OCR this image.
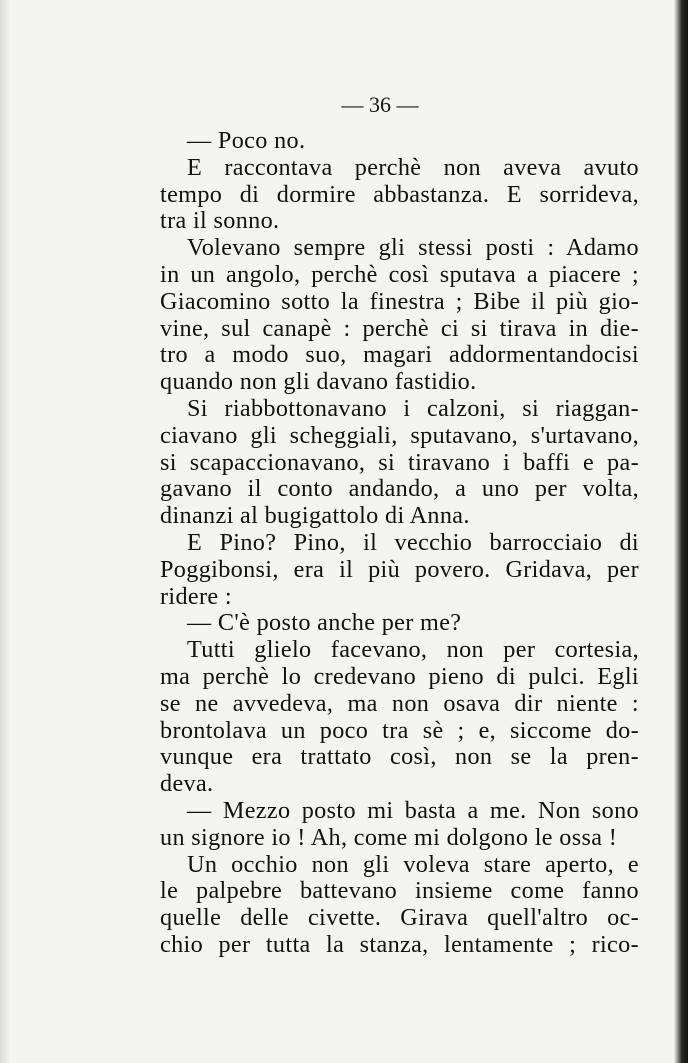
— 36 —
— Poco no.
E raccontava perchè non aveva avuto
tempo di dormire abbastanza. E sorrideva,
tra il sonno.
Volevano sempre gli stessi posti : Adamo
in un angolo, perchè così sputava a piacere ;
Giacomino sotto la finestra ; Bibe il più gio-
vine, sul canapè : perchè ci si tirava in die-
tro a modo suo, magari addormentandocisi
quando non gli davano fastidio.
Si riabbottonavano i calzoni, si riaggan-
ciavano gli scheggiali, sputavano, s'urtavano,
si scapaccionavano, si tiravano i baffi e pa-
gavano il conto andando, a uno per volta,
dinanzi al bugigattolo di Anna.
E Pino? Pino, il vecchio barrocciaio di
Poggibonsi, era il più povero. Gridava, per
ridere :
— C'è posto anche per me?
Tutti glielo facevano, non per cortesia,
ma perchè lo credevano pieno di pulci. Egli
se ne avvedeva, ma non osava dir niente :
brontolava un poco tra sè ; e, siccome do-
vunque era trattato così, non se la pren-
deva.
— Mezzo posto mi basta a me. Non sono
un signore io ! Ah, come mi dolgono le ossa !
Un occhio non gli voleva stare aperto, e
le palpebre battevano insieme come fanno
quelle delle civette. Girava quell'altro oc-
chio per tutta la stanza, lentamente ; rico-
